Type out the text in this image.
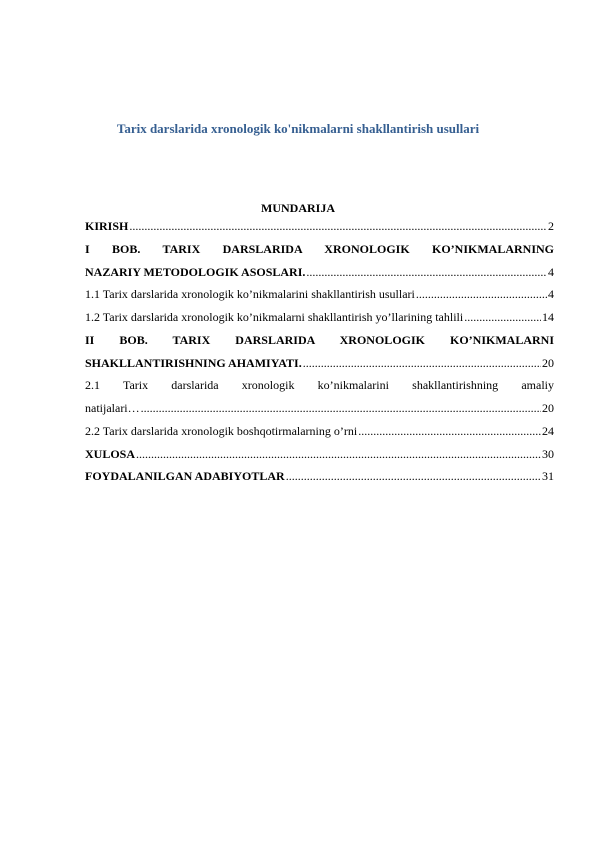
Tarix darslarida xronologik ko'nikmalarni shakllantirish usullari
MUNDARIJA
KIRISH .....	2
I BOB. TARIX DARSLARIDA XRONOLOGIK KO’NIKMALARNING
NAZARIY METODOLOGIK ASOSLARI. .....	4
1.1 Tarix darslarida xronologik ko’nikmalarini shakllantirish usullari .....	4
1.2 Tarix darslarida xronologik ko’nikmalarni shakllantirish yo’llarining tahlili .....	14
II BOB. TARIX DARSLARIDA XRONOLOGIK KO’NIKMALARNI
SHAKLLANTIRISHNING AHAMIYATI. .....	20
2.1 Tarix darslarida xronologik ko’nikmalarini shakllantirishning amaliy
natijalari… .....	20
2.2 Tarix darslarida xronologik boshqotirmalarning o’rni .....	24
XULOSA .....	30
FOYDALANILGAN ADABIYOTLAR .....	31
